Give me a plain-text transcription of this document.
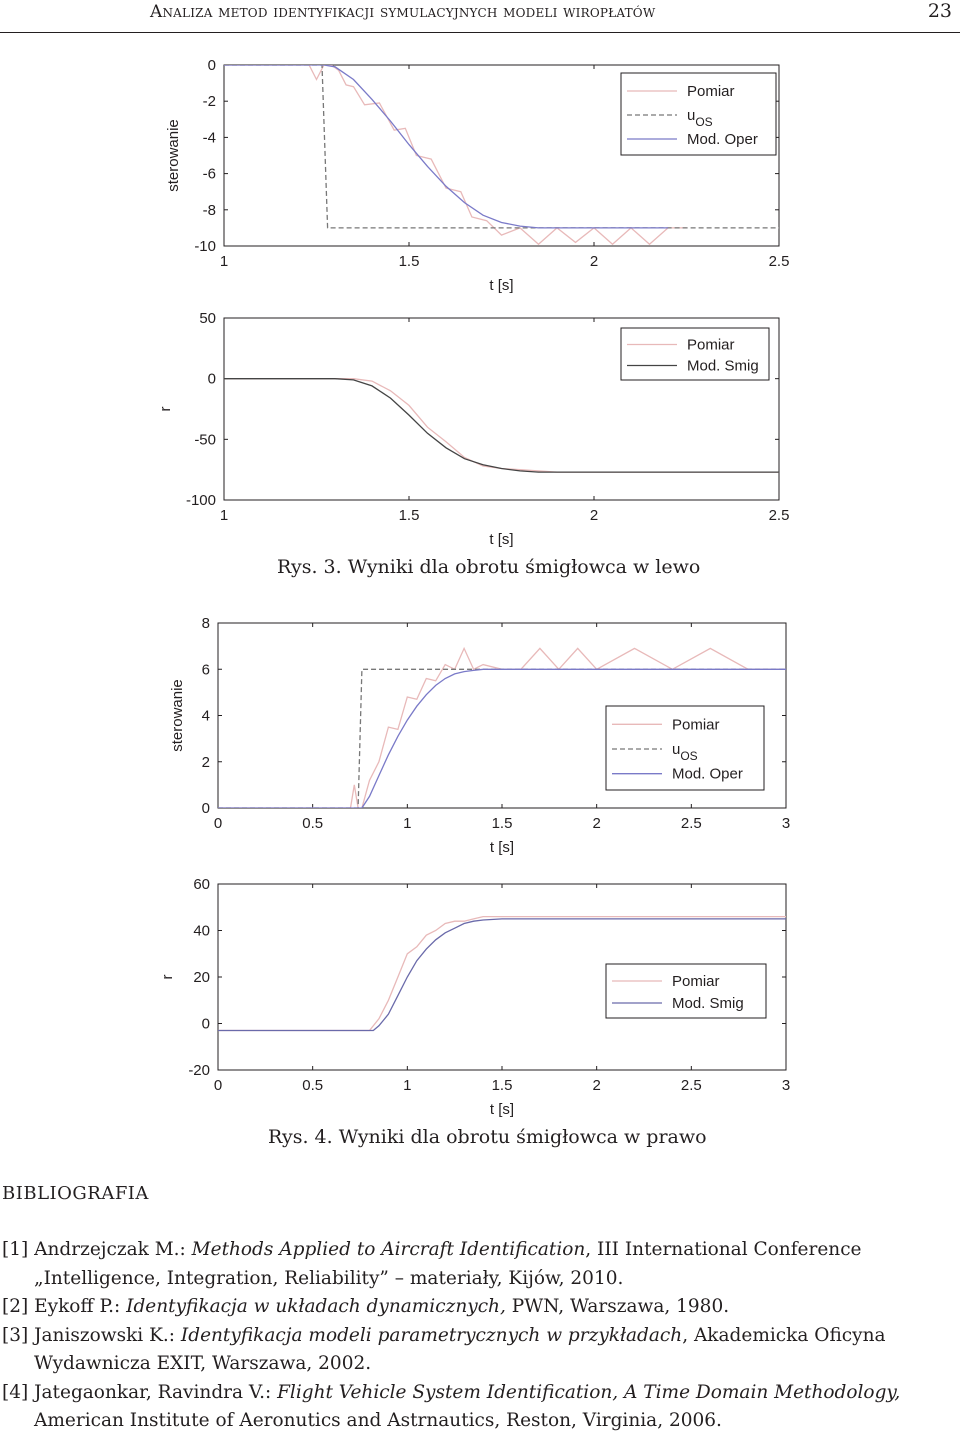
Analiza metod identyfikacji symulacyjnych modeli wiropłatów	23
1	1.5	2	2.5
0
-2
-4
-6
-8
-10
t [s]
sterowanie
Pomiar
$u_{OS}$
Mod. Oper
1	1.5	2	2.5
50
0
-50
-100
t [s]
r
Pomiar
Mod. Smig
Rys. 3. Wyniki dla obrotu śmigłowca w lewo
0	0.5	1	1.5	2	2.5	3
8
6
4
2
0
t [s]
sterowanie	Pomiar
$u_{OS}$
Mod. Oper
0	0.5	1	1.5	2	2.5	3
60
40
20
0
-20
t [s]
r	Pomiar
Mod. Smig
Rys. 4. Wyniki dla obrotu śmigłowca w prawo
BIBLIOGRAFIA
[1] Andrzejczak M.: Methods Applied to Aircraft Identification, III International Conference
„Intelligence, Integration, Reliability” – materiały, Kijów, 2010.
[2] Eykoff P.: Identyfikacja w układach dynamicznych, PWN, Warszawa, 1980.
[3] Janiszowski K.: Identyfikacja modeli parametrycznych w przykładach, Akademicka Oficyna
Wydawnicza EXIT, Warszawa, 2002.
[4] Jategaonkar, Ravindra V.: Flight Vehicle System Identification, A Time Domain Methodology,
American Institute of Aeronutics and Astrnautics, Reston, Virginia, 2006.
